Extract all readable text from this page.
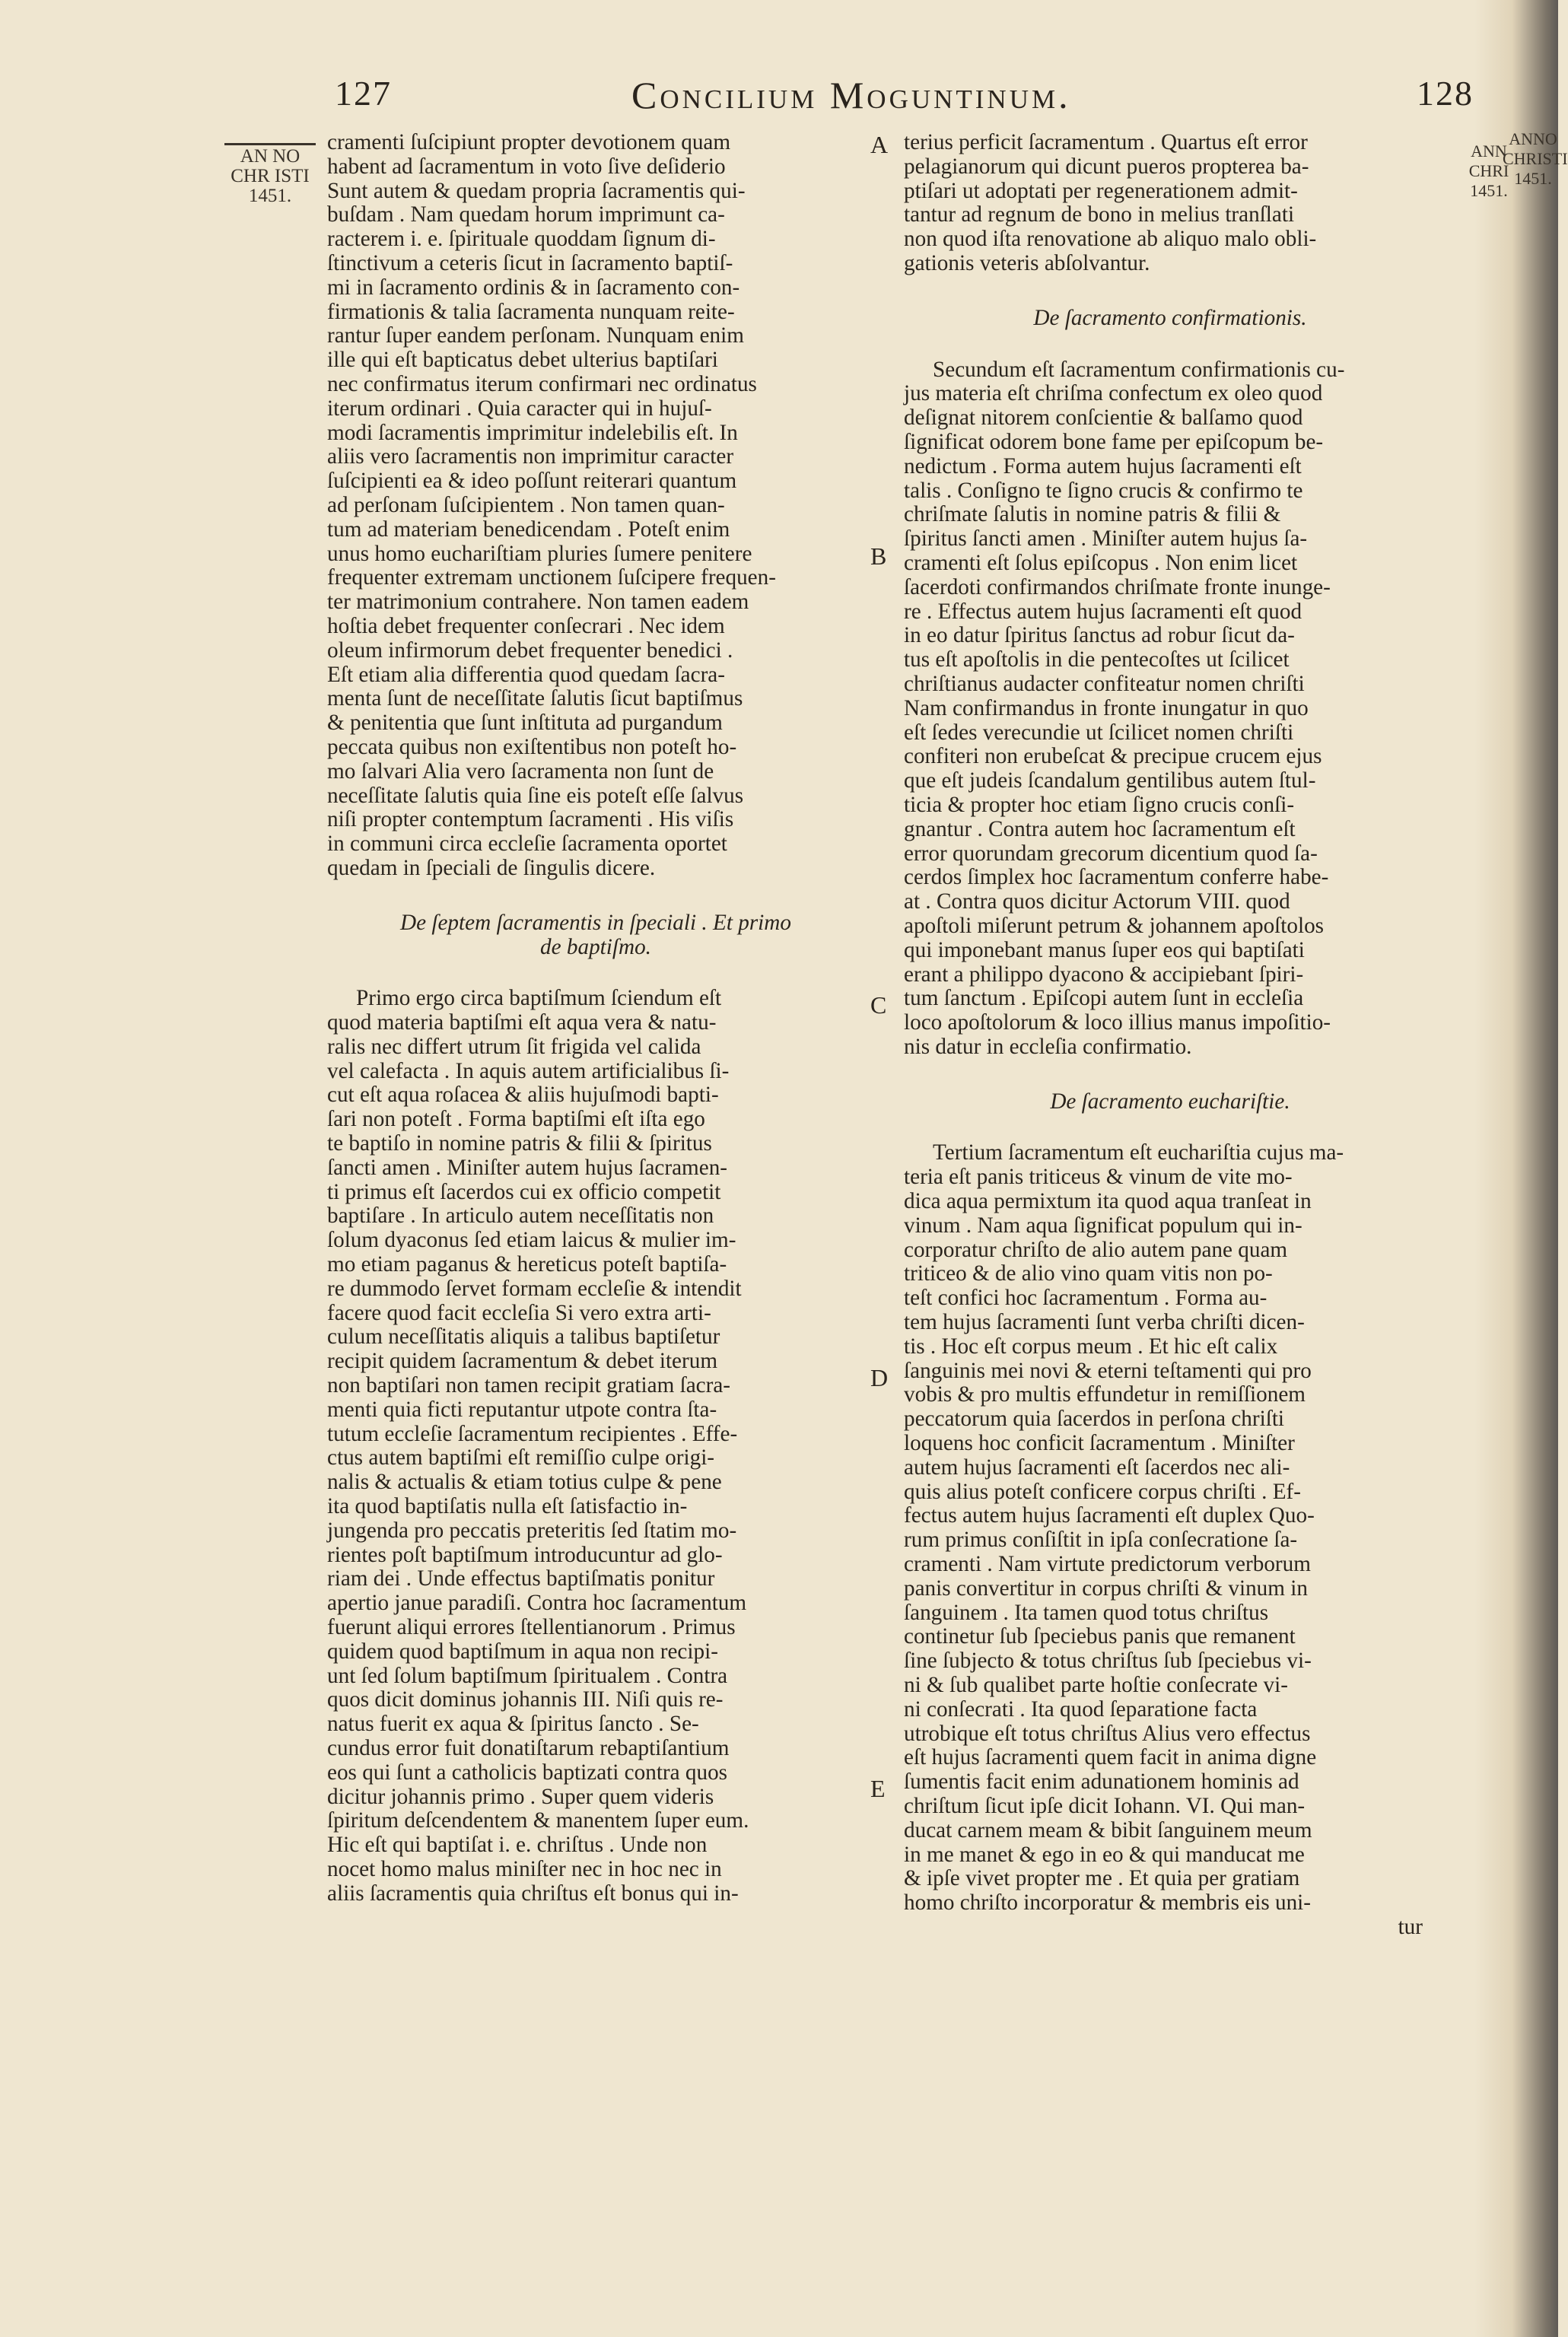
127	Concilium Moguntinum.	128
AN NO
CHR ISTI
1451.
ANN
CHRI
1451.
ANNO
CHRISTI
1451.
A
B
C
D
E
cramenti ſuſcipiunt propter devotionem quam
habent ad ſacramentum in voto ſive deſiderio
Sunt autem & quedam propria ſacramentis qui-
buſdam . Nam quedam horum imprimunt ca-
racterem i. e. ſpirituale quoddam ſignum di-
ſtinctivum a ceteris ſicut in ſacramento baptiſ-
mi in ſacramento ordinis & in ſacramento con-
firmationis & talia ſacramenta nunquam reite-
rantur ſuper eandem perſonam. Nunquam enim
ille qui eſt bapticatus debet ulterius baptiſari
nec confirmatus iterum confirmari nec ordinatus
iterum ordinari . Quia caracter qui in hujuſ-
modi ſacramentis imprimitur indelebilis eſt. In
aliis vero ſacramentis non imprimitur caracter
ſuſcipienti ea & ideo poſſunt reiterari quantum
ad perſonam ſuſcipientem . Non tamen quan-
tum ad materiam benedicendam . Poteſt enim
unus homo euchariſtiam pluries ſumere penitere
frequenter extremam unctionem ſuſcipere frequen-
ter matrimonium contrahere. Non tamen eadem
hoſtia debet frequenter conſecrari . Nec idem
oleum infirmorum debet frequenter benedici .
Eſt etiam alia differentia quod quedam ſacra-
menta ſunt de neceſſitate ſalutis ſicut baptiſmus
& penitentia que ſunt inſtituta ad purgandum
peccata quibus non exiſtentibus non poteſt ho-
mo ſalvari Alia vero ſacramenta non ſunt de
neceſſitate ſalutis quia ſine eis poteſt eſſe ſalvus
niſi propter contemptum ſacramenti . His viſis
in communi circa eccleſie ſacramenta oportet
quedam in ſpeciali de ſingulis dicere.
De ſeptem ſacramentis in ſpeciali . Et primo
de baptiſmo.
Primo ergo circa baptiſmum ſciendum eſt
quod materia baptiſmi eſt aqua vera & natu-
ralis nec differt utrum ſit frigida vel calida
vel calefacta . In aquis autem artificialibus ſi-
cut eſt aqua roſacea & aliis hujuſmodi bapti-
ſari non poteſt . Forma baptiſmi eſt iſta ego
te baptiſo in nomine patris & filii & ſpiritus
ſancti amen . Miniſter autem hujus ſacramen-
ti primus eſt ſacerdos cui ex officio competit
baptiſare . In articulo autem neceſſitatis non
ſolum dyaconus ſed etiam laicus & mulier im-
mo etiam paganus & hereticus poteſt baptiſa-
re dummodo ſervet formam eccleſie & intendit
facere quod facit eccleſia Si vero extra arti-
culum neceſſitatis aliquis a talibus baptiſetur
recipit quidem ſacramentum & debet iterum
non baptiſari non tamen recipit gratiam ſacra-
menti quia ficti reputantur utpote contra ſta-
tutum eccleſie ſacramentum recipientes . Effe-
ctus autem baptiſmi eſt remiſſio culpe origi-
nalis & actualis & etiam totius culpe & pene
ita quod baptiſatis nulla eſt ſatisfactio in-
jungenda pro peccatis preteritis ſed ſtatim mo-
rientes poſt baptiſmum introducuntur ad glo-
riam dei . Unde effectus baptiſmatis ponitur
apertio janue paradiſi. Contra hoc ſacramentum
fuerunt aliqui errores ſtellentianorum . Primus
quidem quod baptiſmum in aqua non recipi-
unt ſed ſolum baptiſmum ſpiritualem . Contra
quos dicit dominus johannis III. Niſi quis re-
natus fuerit ex aqua & ſpiritus ſancto . Se-
cundus error fuit donatiſtarum rebaptiſantium
eos qui ſunt a catholicis baptizati contra quos
dicitur johannis primo . Super quem videris
ſpiritum deſcendentem & manentem ſuper eum.
Hic eſt qui baptiſat i. e. chriſtus . Unde non
nocet homo malus miniſter nec in hoc nec in
aliis ſacramentis quia chriſtus eſt bonus qui in-
terius perficit ſacramentum . Quartus eſt error
pelagianorum qui dicunt pueros propterea ba-
ptiſari ut adoptati per regenerationem admit-
tantur ad regnum de bono in melius tranſlati
non quod iſta renovatione ab aliquo malo obli-
gationis veteris abſolvantur.
De ſacramento confirmationis.
Secundum eſt ſacramentum confirmationis cu-
jus materia eſt chriſma confectum ex oleo quod
deſignat nitorem conſcientie & balſamo quod
ſignificat odorem bone fame per epiſcopum be-
nedictum . Forma autem hujus ſacramenti eſt
talis . Conſigno te ſigno crucis & confirmo te
chriſmate ſalutis in nomine patris & filii &
ſpiritus ſancti amen . Miniſter autem hujus ſa-
cramenti eſt ſolus epiſcopus . Non enim licet
ſacerdoti confirmandos chriſmate fronte inunge-
re . Effectus autem hujus ſacramenti eſt quod
in eo datur ſpiritus ſanctus ad robur ſicut da-
tus eſt apoſtolis in die pentecoſtes ut ſcilicet
chriſtianus audacter confiteatur nomen chriſti
Nam confirmandus in fronte inungatur in quo
eſt ſedes verecundie ut ſcilicet nomen chriſti
confiteri non erubeſcat & precipue crucem ejus
que eſt judeis ſcandalum gentilibus autem ſtul-
ticia & propter hoc etiam ſigno crucis conſi-
gnantur . Contra autem hoc ſacramentum eſt
error quorundam grecorum dicentium quod ſa-
cerdos ſimplex hoc ſacramentum conferre habe-
at . Contra quos dicitur Actorum VIII. quod
apoſtoli miſerunt petrum & johannem apoſtolos
qui imponebant manus ſuper eos qui baptiſati
erant a philippo dyacono & accipiebant ſpiri-
tum ſanctum . Epiſcopi autem ſunt in eccleſia
loco apoſtolorum & loco illius manus impoſitio-
nis datur in eccleſia confirmatio.
De ſacramento euchariſtie.
Tertium ſacramentum eſt euchariſtia cujus ma-
teria eſt panis triticeus & vinum de vite mo-
dica aqua permixtum ita quod aqua tranſeat in
vinum . Nam aqua ſignificat populum qui in-
corporatur chriſto de alio autem pane quam
triticeo & de alio vino quam vitis non po-
teſt confici hoc ſacramentum . Forma au-
tem hujus ſacramenti ſunt verba chriſti dicen-
tis . Hoc eſt corpus meum . Et hic eſt calix
ſanguinis mei novi & eterni teſtamenti qui pro
vobis & pro multis effundetur in remiſſionem
peccatorum quia ſacerdos in perſona chriſti
loquens hoc conficit ſacramentum . Miniſter
autem hujus ſacramenti eſt ſacerdos nec ali-
quis alius poteſt conficere corpus chriſti . Ef-
fectus autem hujus ſacramenti eſt duplex Quo-
rum primus conſiſtit in ipſa conſecratione ſa-
cramenti . Nam virtute predictorum verborum
panis convertitur in corpus chriſti & vinum in
ſanguinem . Ita tamen quod totus chriſtus
continetur ſub ſpeciebus panis que remanent
ſine ſubjecto & totus chriſtus ſub ſpeciebus vi-
ni & ſub qualibet parte hoſtie conſecrate vi-
ni conſecrati . Ita quod ſeparatione facta
utrobique eſt totus chriſtus Alius vero effectus
eſt hujus ſacramenti quem facit in anima digne
ſumentis facit enim adunationem hominis ad
chriſtum ſicut ipſe dicit Iohann. VI. Qui man-
ducat carnem meam & bibit ſanguinem meum
in me manet & ego in eo & qui manducat me
& ipſe vivet propter me . Et quia per gratiam
homo chriſto incorporatur & membris eis uni-
tur
